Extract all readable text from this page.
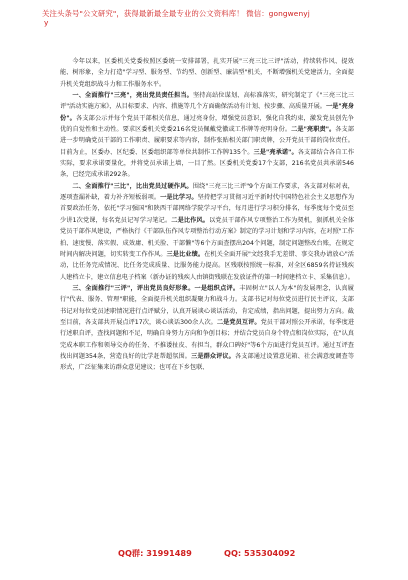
关注头条号"公文研究"，获得最新最全最专业的公文资料库！ 微信：gongwenyj
y

今年以来，区委机关党委按照区委统一安排部署，扎实开展"三亮三比三评"活动，持续转作风、提效能、树形象，全力打造"学习型、服务型、节约型、创新型、廉洁型"机关，不断增强机关党建活力，全面提升机关党组织战斗力和工作服务水平。

一、全面推行"三亮"，亮出党员责任担当。坚持高站位谋划、高标准落实，研究制定了《"三亮三比三评"活动实施方案》，从目标要求、内容、措施等几个方面确保活动有计划、按步骤、高质量开展。一是"亮身份"。各支部公示并每个党员干部相关信息，通过亮身份，增强党员意识，强化自我约束，激发党员创先争优的自觉性和主动性。要求区委机关党委216名党员佩戴党徽或工作牌等亮明身份。二是"亮职责"。各支部进一步明确党员干部的工作职责、履职要求等内容，制作张贴相关部门职责牌，公开党员干部的岗位责任。目前为止，区委办、区纪委、区委组织部等单位共制作工作牌135个。三是"亮承诺"。各支部结合各自工作实际，要求承诺要量化，并将党员承诺上墙，一目了然。区委机关党委17个支部，216名党员共承诺546条，已经完成承诺292条。

二、全面推行"三比"，比出党员过硬作风。围绕"三亮三比三评"9个方面工作要求，各支部对标对表，逐项查漏补缺，着力补齐短板弱项。一是比学习。坚持把学习贯彻习近平新时代中国特色社会主义思想作为首要政治任务，依托"学习强国"和陕西干部网络学院学习平台，每月进行学习积分排名，每季度每个党员至少讲1次党课，每名党员记写学习笔记。二是比作风。以党员干部作风专项整治工作为契机，狠抓机关全体党员干部作风建设，严格执行《干部队伍作风专项整治行动方案》制定的学习计划和学习内容，在对照"工作拍、速度慢、落实假、成效庸、机关脸、干部懒"等6个方面查摆出204个问题，制定问题整改台账，在规定时间内解决问题，切实转变工作作风。三是比业绩。在机关全面开展"文经我手无差错、事交我办请放心"活动，比任务完成情况、比任务完成质量、比服务能力提高。区残联按照统一标准，对全区6859名持证残疾人建档立卡，建立信息电子档案（新办证的残疾人由镇街残联在发放证件的第一时间建档立卡、采集信息）。

三、全面推行"三评"，评出党员良好形象。一是组织点评。丰固树立"以人为本"的发展理念，认真履行"代表、服务、管理"职能，全面提升机关组织凝聚力和战斗力。支部书记对每位党员进行民主评议，支部书记对每位党员述职情况进行点评赋分，认真开展谈心谈话活动，肯定成绩，指出问题，提出努力方向。截至目前，各支部共开展点评17次，谈心谈话300余人次。二是党员互评。党员干部对照公开承诺，每季度进行述职自评，查找问题和不足，明确自身努力方向和争创目标；并结合党员自身个特点和岗位实际，在"认真完成本职工作和领导交办的任务、不推诿扯皮、有担当，群众口碑好"等6个方面进行党员互评。通过互评查找出问题354条，营造良好的比学赶帮超氛围。三是群众评议。各支部通过设置意见箱、社会满意度调查等形式，广泛征集来访群众意见建议；也可在下乡包联、

QQ群: 31991489	QQ: 535304092
